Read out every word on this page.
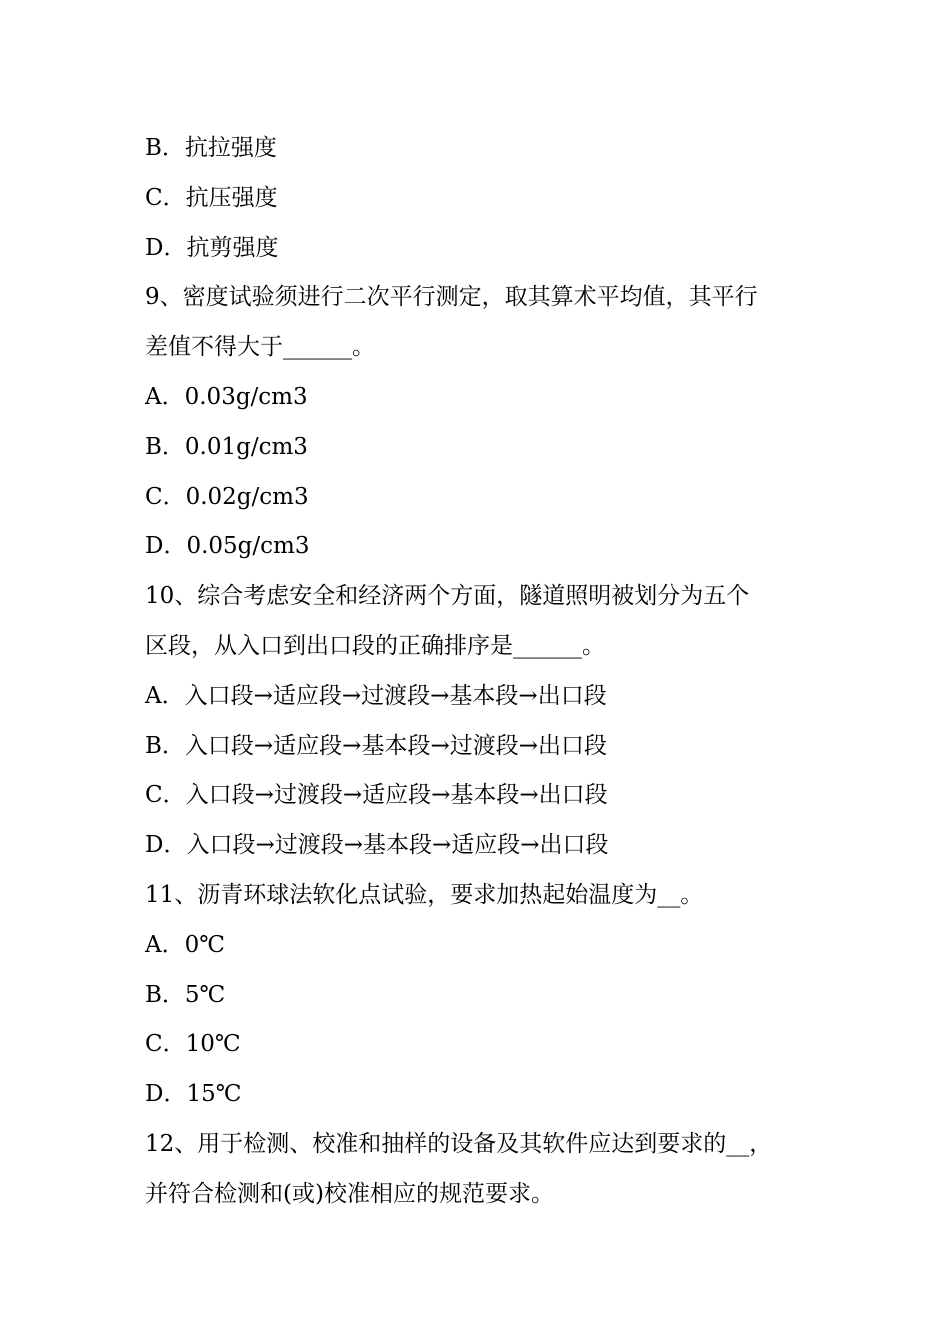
B．抗拉强度

C．抗压强度

D．抗剪强度

9、密度试验须进行二次平行测定，取其算术平均值，其平行

差值不得大于______。

A．0.03g/cm3

B．0.01g/cm3

C．0.02g/cm3

D．0.05g/cm3

10、综合考虑安全和经济两个方面，隧道照明被划分为五个

区段，从入口到出口段的正确排序是______。

A．入口段→适应段→过渡段→基本段→出口段

B．入口段→适应段→基本段→过渡段→出口段

C．入口段→过渡段→适应段→基本段→出口段

D．入口段→过渡段→基本段→适应段→出口段

11、沥青环球法软化点试验，要求加热起始温度为__。

A．0℃

B．5℃

C．10℃

D．15℃

12、用于检测、校准和抽样的设备及其软件应达到要求的__，

并符合检测和(或)校准相应的规范要求。
